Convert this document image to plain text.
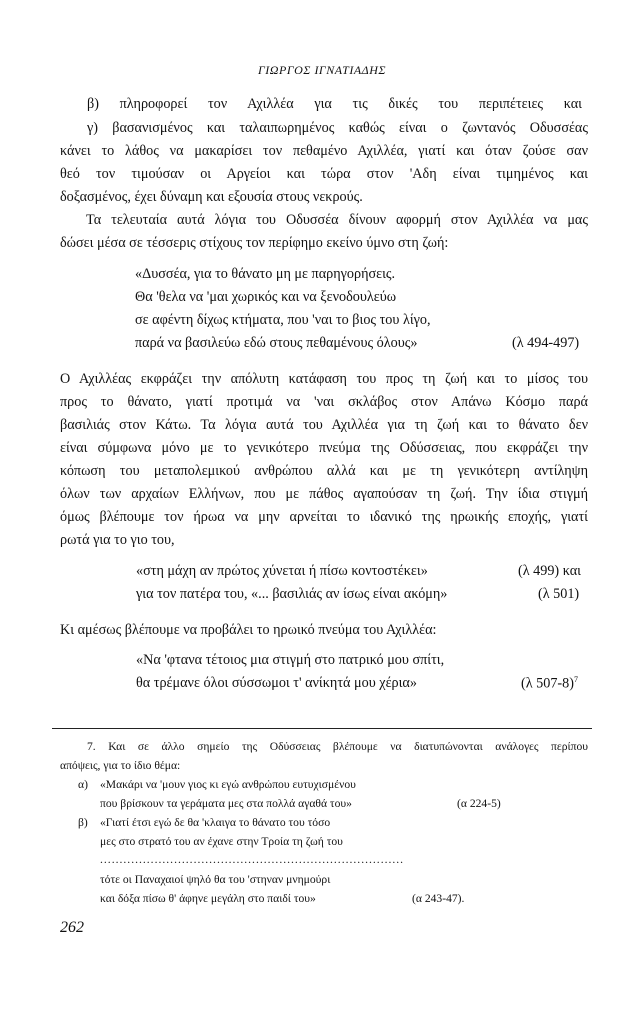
ΓΙΩΡΓΟΣ ΙΓΝΑΤΙΑΔΗΣ
β) πληροφορεί τον Αχιλλέα για τις δικές του περιπέτειες και
γ) βασανισμένος και ταλαιπωρημένος καθώς είναι ο ζωντανός Οδυσσέας
κάνει το λάθος να μακαρίσει τον πεθαμένο Αχιλλέα, γιατί και όταν ζούσε σαν
θεό τον τιμούσαν οι Αργείοι και τώρα στον 'Αδη είναι τιμημένος και
δοξασμένος, έχει δύναμη και εξουσία στους νεκρούς.
Τα τελευταία αυτά λόγια του Οδυσσέα δίνουν αφορμή στον Αχιλλέα να μας
δώσει μέσα σε τέσσερις στίχους τον περίφημο εκείνο ύμνο στη ζωή:
«Δυσσέα, για το θάνατο μη με παρηγορήσεις.
Θα 'θελα να 'μαι χωρικός και να ξενοδουλεύω
σε αφέντη δίχως κτήματα, που 'ναι το βιος του λίγο,
παρά να βασιλεύω εδώ στους πεθαμένους όλους»	(λ 494-497)
Ο Αχιλλέας εκφράζει την απόλυτη κατάφαση του προς τη ζωή και το μίσος του
προς το θάνατο, γιατί προτιμά να 'ναι σκλάβος στον Απάνω Κόσμο παρά
βασιλιάς στον Κάτω. Τα λόγια αυτά του Αχιλλέα για τη ζωή και το θάνατο δεν
είναι σύμφωνα μόνο με το γενικότερο πνεύμα της Οδύσσειας, που εκφράζει την
κόπωση του μεταπολεμικού ανθρώπου αλλά και με τη γενικότερη αντίληψη
όλων των αρχαίων Ελλήνων, που με πάθος αγαπούσαν τη ζωή. Την ίδια στιγμή
όμως βλέπουμε τον ήρωα να μην αρνείται το ιδανικό της ηρωικής εποχής, γιατί
ρωτά για το γιο του,
«στη μάχη αν πρώτος χύνεται ή πίσω κοντοστέκει»	(λ 499) και
για τον πατέρα του, «... βασιλιάς αν ίσως είναι ακόμη»	(λ 501)
Κι αμέσως βλέπουμε να προβάλει το ηρωικό πνεύμα του Αχιλλέα:
«Να 'φτανα τέτοιος μια στιγμή στο πατρικό μου σπίτι,
θα τρέμανε όλοι σύσσωμοι τ' ανίκητά μου χέρια»	(λ 507-8)$^7$
7. Και σε άλλο σημείο της Οδύσσειας βλέπουμε να διατυπώνονται ανάλογες περίπου
απόψεις, για το ίδιο θέμα:
α) «Μακάρι να 'μουν γιος κι εγώ ανθρώπου ευτυχισμένου
που βρίσκουν τα γεράματα μες στα πολλά αγαθά του»	(α 224-5)
β) «Γιατί έτσι εγώ δε θα 'κλαιγα το θάνατο του τόσο
μες στο στρατό του αν έχανε στην Τροία τη ζωή του
..............................................................................
τότε οι Παναχαιοί ψηλό θα του 'στηναν μνημούρι
και δόξα πίσω θ' άφηνε μεγάλη στο παιδί του»	(α 243-47).
262
